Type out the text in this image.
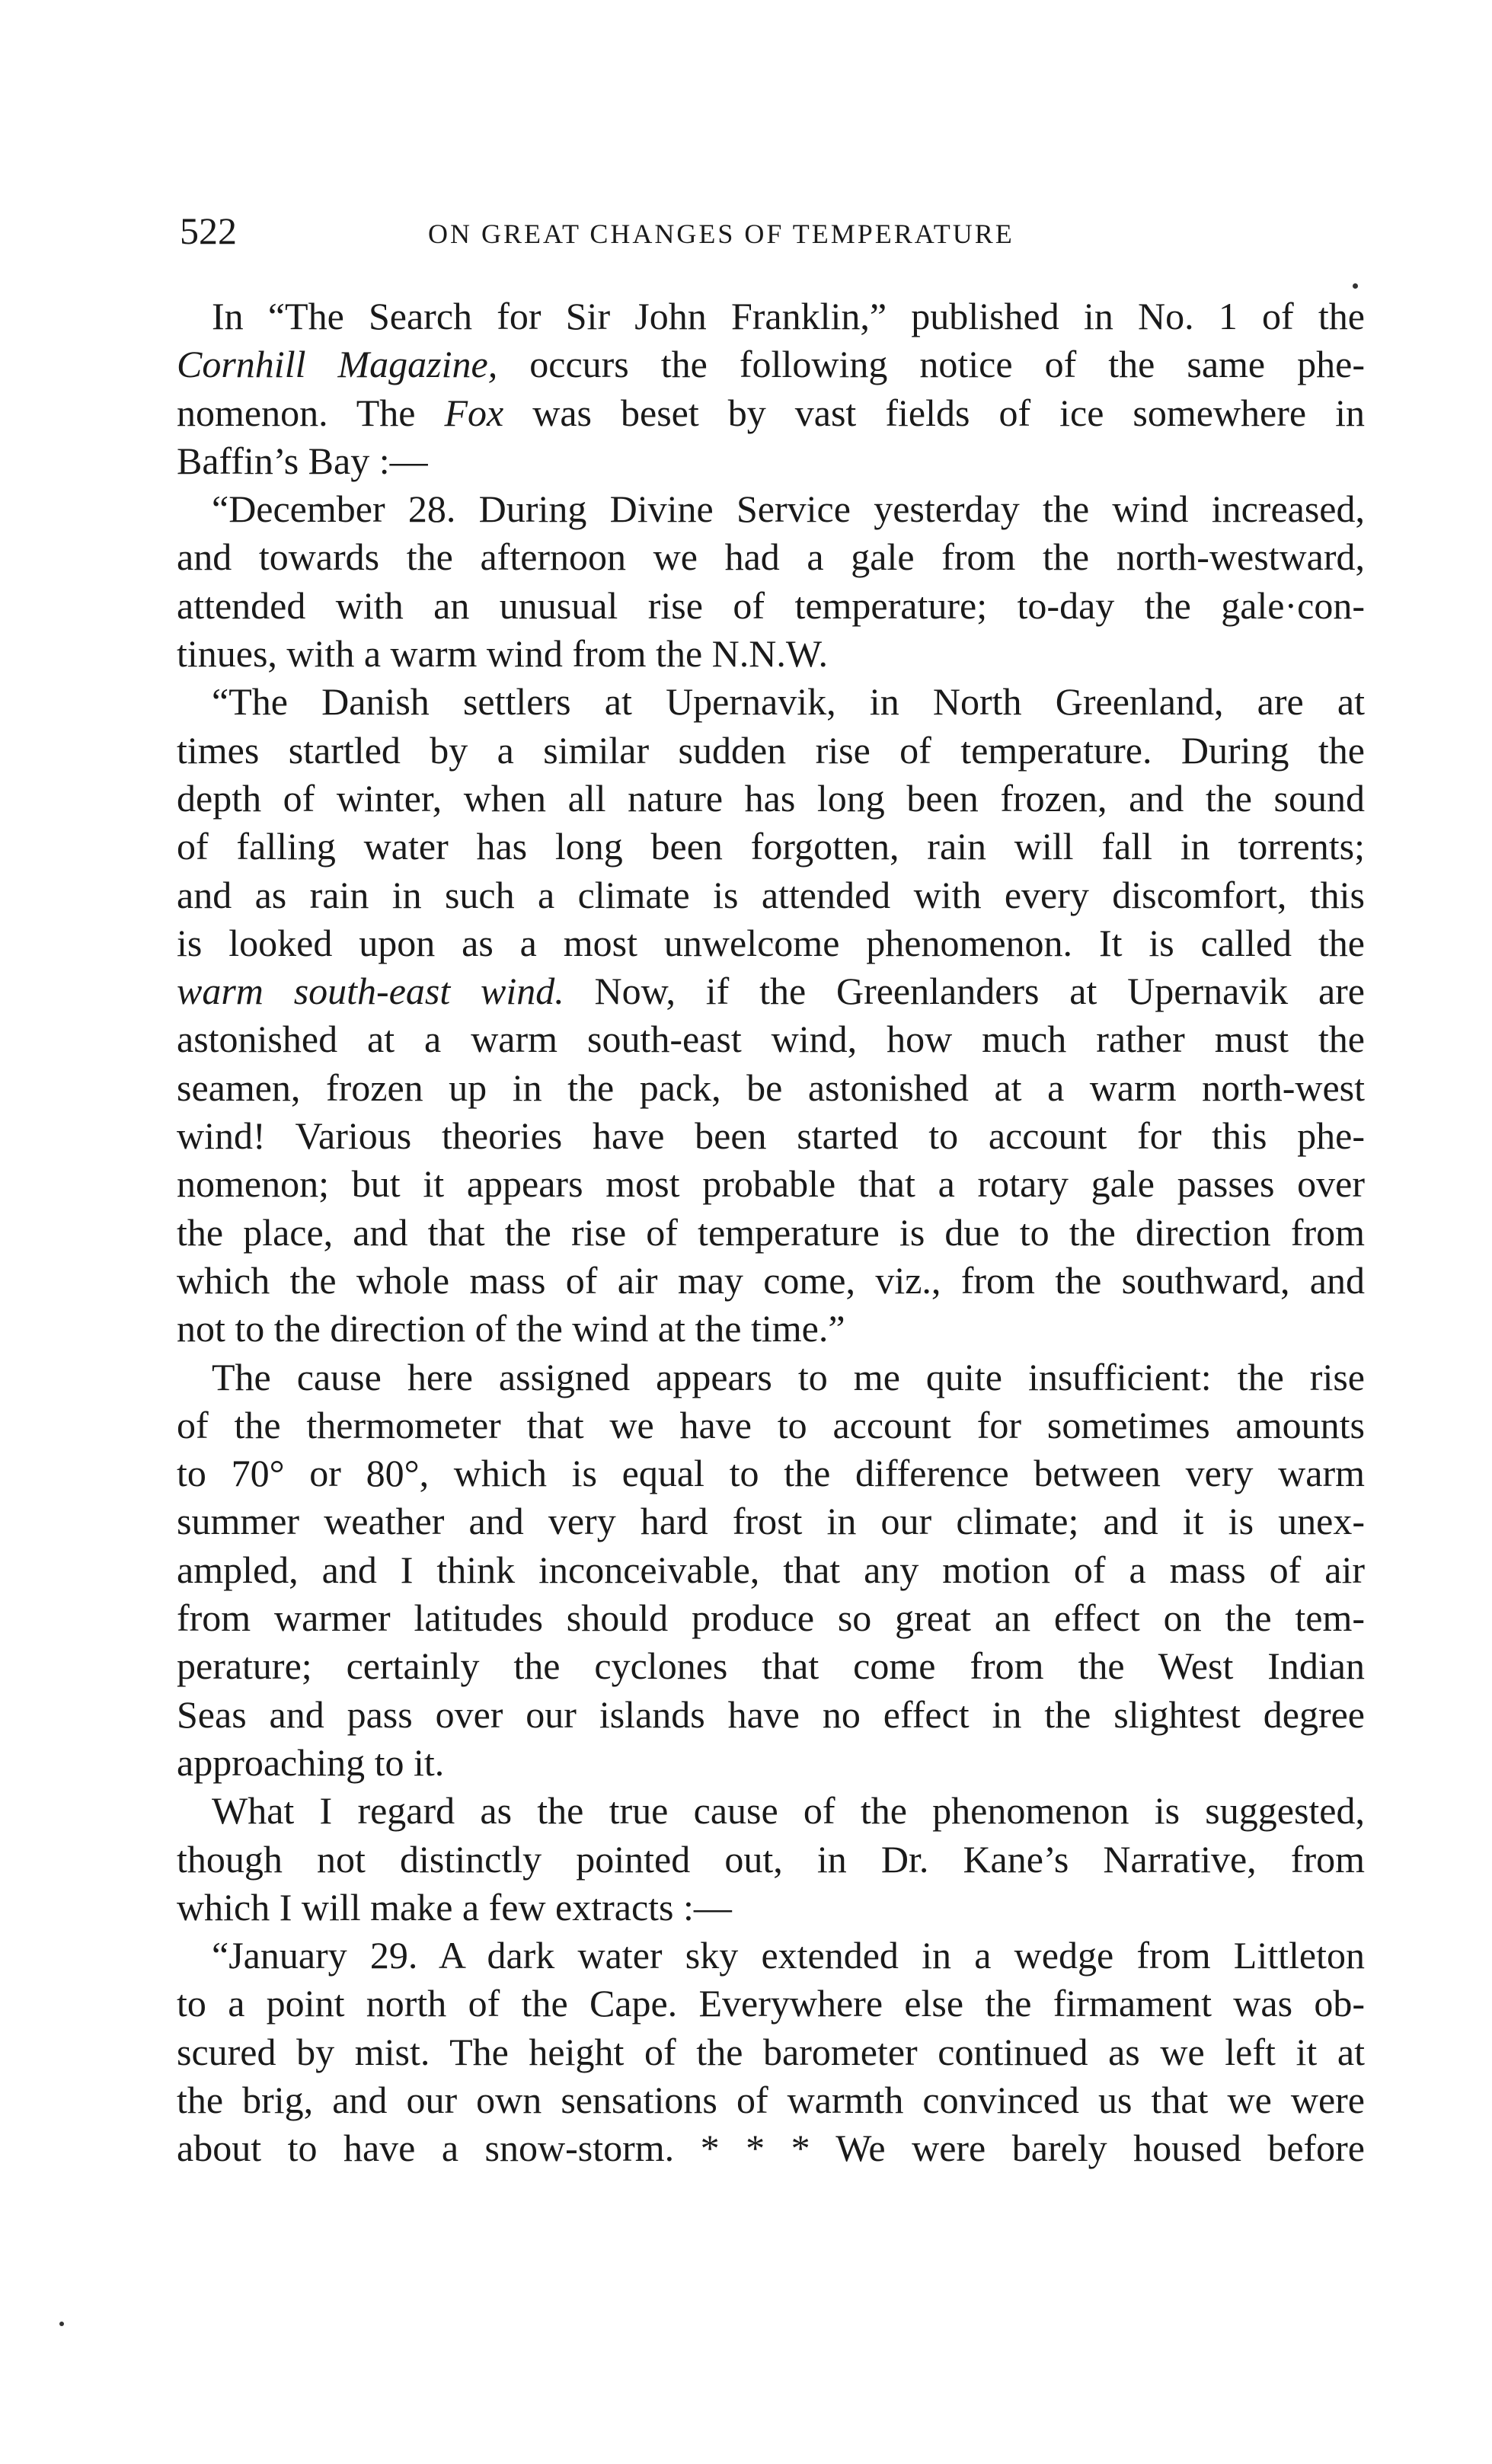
522	ON GREAT CHANGES OF TEMPERATURE
In “The Search for Sir John Franklin,” published in No. 1 of the
Cornhill Magazine, occurs the following notice of the same phe-
nomenon. The Fox was beset by vast fields of ice somewhere in
Baffin’s Bay :—
“December 28. During Divine Service yesterday the wind increased,
and towards the afternoon we had a gale from the north-westward,
attended with an unusual rise of temperature; to-day the gale·con-
tinues, with a warm wind from the N.N.W.
“The Danish settlers at Upernavik, in North Greenland, are at
times startled by a similar sudden rise of temperature. During the
depth of winter, when all nature has long been frozen, and the sound
of falling water has long been forgotten, rain will fall in torrents;
and as rain in such a climate is attended with every discomfort, this
is looked upon as a most unwelcome phenomenon. It is called the
warm south-east wind. Now, if the Greenlanders at Upernavik are
astonished at a warm south-east wind, how much rather must the
seamen, frozen up in the pack, be astonished at a warm north-west
wind! Various theories have been started to account for this phe-
nomenon; but it appears most probable that a rotary gale passes over
the place, and that the rise of temperature is due to the direction from
which the whole mass of air may come, viz., from the southward, and
not to the direction of the wind at the time.”
The cause here assigned appears to me quite insufficient: the rise
of the thermometer that we have to account for sometimes amounts
to 70° or 80°, which is equal to the difference between very warm
summer weather and very hard frost in our climate; and it is unex-
ampled, and I think inconceivable, that any motion of a mass of air
from warmer latitudes should produce so great an effect on the tem-
perature; certainly the cyclones that come from the West Indian
Seas and pass over our islands have no effect in the slightest degree
approaching to it.
What I regard as the true cause of the phenomenon is suggested,
though not distinctly pointed out, in Dr. Kane’s Narrative, from
which I will make a few extracts :—
“January 29. A dark water sky extended in a wedge from Littleton
to a point north of the Cape. Everywhere else the firmament was ob-
scured by mist. The height of the barometer continued as we left it at
the brig, and our own sensations of warmth convinced us that we were
about to have a snow-storm. * * * We were barely housed before
